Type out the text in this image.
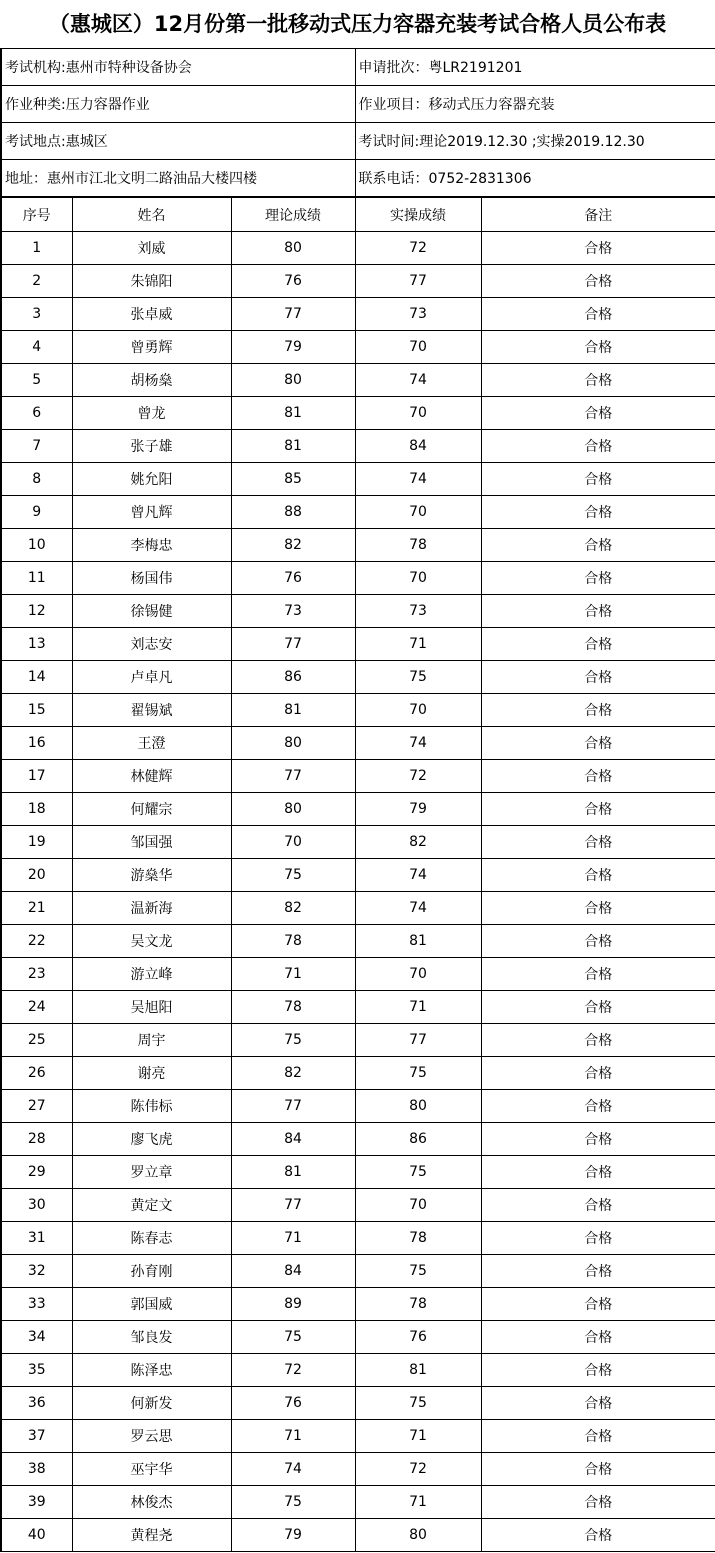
（惠城区）12月份第一批移动式压力容器充装考试合格人员公布表
考试机构:惠州市特种设备协会	申请批次：粤LR2191201
作业种类:压力容器作业	作业项目：移动式压力容器充装
考试地点:惠城区	考试时间:理论2019.12.30 ;实操2019.12.30
地址：惠州市江北文明二路油品大楼四楼	联系电话：0752-2831306
序号	姓名	理论成绩	实操成绩	备注
1	刘威	80	72	合格
2	朱锦阳	76	77	合格
3	张卓威	77	73	合格
4	曾勇辉	79	70	合格
5	胡杨燊	80	74	合格
6	曾龙	81	70	合格
7	张子雄	81	84	合格
8	姚允阳	85	74	合格
9	曾凡辉	88	70	合格
10	李梅忠	82	78	合格
11	杨国伟	76	70	合格
12	徐锡健	73	73	合格
13	刘志安	77	71	合格
14	卢卓凡	86	75	合格
15	翟锡斌	81	70	合格
16	王澄	80	74	合格
17	林健辉	77	72	合格
18	何耀宗	80	79	合格
19	邹国强	70	82	合格
20	游燊华	75	74	合格
21	温新海	82	74	合格
22	吴文龙	78	81	合格
23	游立峰	71	70	合格
24	吴旭阳	78	71	合格
25	周宇	75	77	合格
26	谢亮	82	75	合格
27	陈伟标	77	80	合格
28	廖飞虎	84	86	合格
29	罗立章	81	75	合格
30	黄定文	77	70	合格
31	陈春志	71	78	合格
32	孙育刚	84	75	合格
33	郭国威	89	78	合格
34	邹良发	75	76	合格
35	陈泽忠	72	81	合格
36	何新发	76	75	合格
37	罗云思	71	71	合格
38	巫宇华	74	72	合格
39	林俊杰	75	71	合格
40	黄程尧	79	80	合格
